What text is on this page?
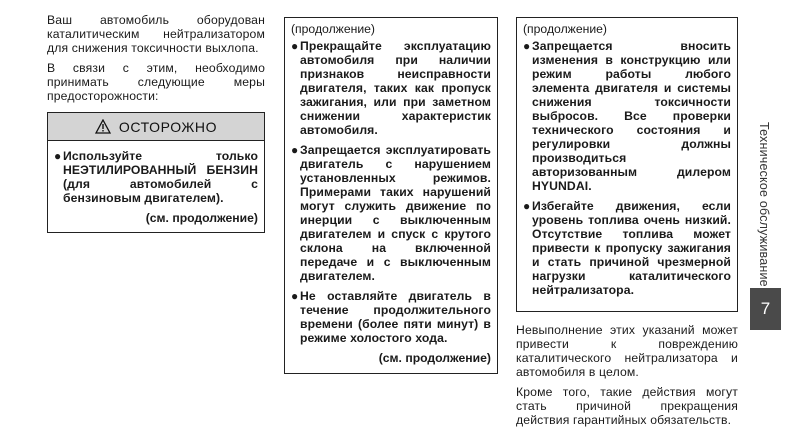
Ваш автомобиль оборудован каталитическим нейтрализатором для снижения токсичности выхлопа.

В связи с этим, необходимо принимать следующие меры предосторожности:

ОСТОРОЖНО
● Используйте только НЕЭТИЛИРОВАННЫЙ БЕНЗИН (для автомобилей с бензиновым двигателем).
(см. продолжение)

(продолжение)

● Прекращайте эксплуатацию автомобиля при наличии признаков неисправности двигателя, таких как пропуск зажигания, или при заметном снижении характеристик автомобиля.
● Запрещается эксплуатировать двигатель с нарушением установленных режимов. Примерами таких нарушений могут служить движение по инерции с выключенным двигателем и спуск с крутого склона на включенной передаче и с выключенным двигателем.
● Не оставляйте двигатель в течение продолжительного времени (более пяти минут) в режиме холостого хода.
(см. продолжение)

(продолжение)

● Запрещается вносить изменения в конструкцию или режим работы любого элемента двигателя и системы снижения токсичности выбросов. Все проверки технического состояния и регулировки должны производиться авторизованным дилером HYUNDAI.
● Избегайте движения, если уровень топлива очень низкий. Отсутствие топлива может привести к пропуску зажигания и стать причиной чрезмерной нагрузки каталитического нейтрализатора.

Невыполнение этих указаний может привести к повреждению каталитического нейтрализатора и автомобиля в целом.

Кроме того, такие действия могут стать причиной прекращения действия гарантийных обязательств.

Техническое обслуживание
7
